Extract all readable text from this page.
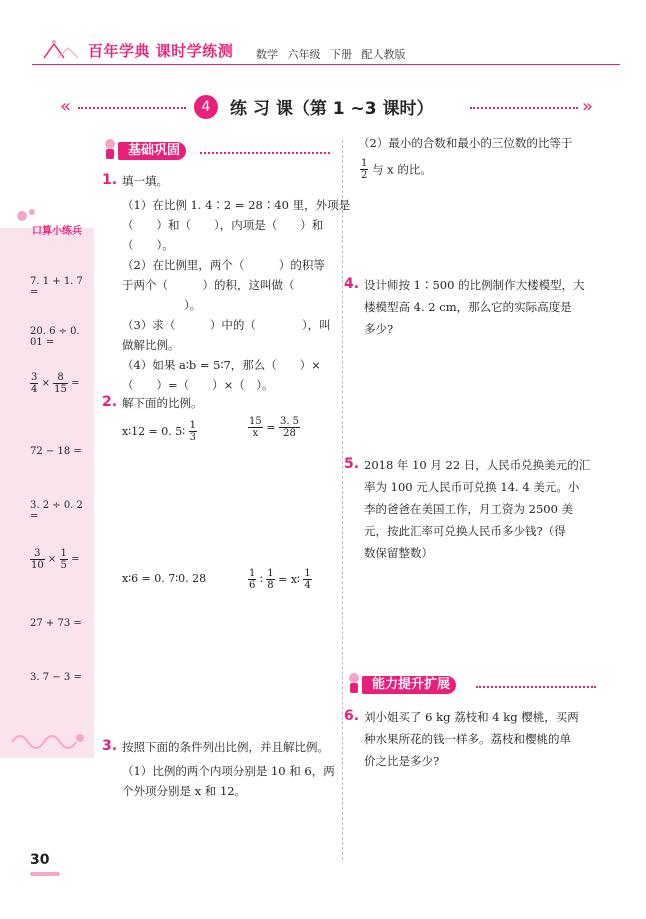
百年学典 课时学练测 数学 六年级 下册 配人教版
«	4	练 习 课（第 1 ~3 课时）	»
7. 1 + 1. 7 =
20. 6 ÷ 0. 01 =
$\frac{3}{4} \times \frac{8}{15}$ =
72 − 18 =
3. 2 ÷ 0. 2 =
$\frac{3}{10} \times \frac{1}{5}$ =
27 + 73 =
3. 7 − 3 =
口算小练兵
基础巩固
1. 填一填。
（1）在比例 1. 4∶2 = 28∶40 里，外项是
（　　）和（　　），内项是（　　）和
（　　）。
（2）在比例里，两个（　　　）的积等
于两个（　　　）的积，这叫做（
）。
（3）求（　　　）中的（　　　　），叫
做解比例。
（4）如果 a∶b = 5∶7，那么（　　）×
（　　）=（　　）×（　）。
2. 解下面的比例。
x∶12 = 0. 5∶ $\frac{1}{3}$	$\frac{15}{x} = \frac{3. 5}{28}$
x∶6 = 0. 7∶0. 28	$\frac{1}{6}$ ∶ $\frac{1}{8}$ = x∶ $\frac{1}{4}$
3. 按照下面的条件列出比例，并且解比例。
（1）比例的两个内项分别是 10 和 6，两
个外项分别是 x 和 12。
（2）最小的合数和最小的三位数的比等于
$\frac{1}{2}$ 与 x 的比。
4. 设计师按 1∶500 的比例制作大楼模型，大
楼模型高 4. 2 cm，那么它的实际高度是
多少?
5. 2018 年 10 月 22 日，人民币兑换美元的汇
率为 100 元人民币可兑换 14. 4 美元。小
李的爸爸在美国工作，月工资为 2500 美
元，按此汇率可兑换人民币多少钱?（得
数保留整数）
能力提升扩展
6. 刘小姐买了 6 kg 荔枝和 4 kg 樱桃，买两
种水果所花的钱一样多。荔枝和樱桃的单
价之比是多少?
30
